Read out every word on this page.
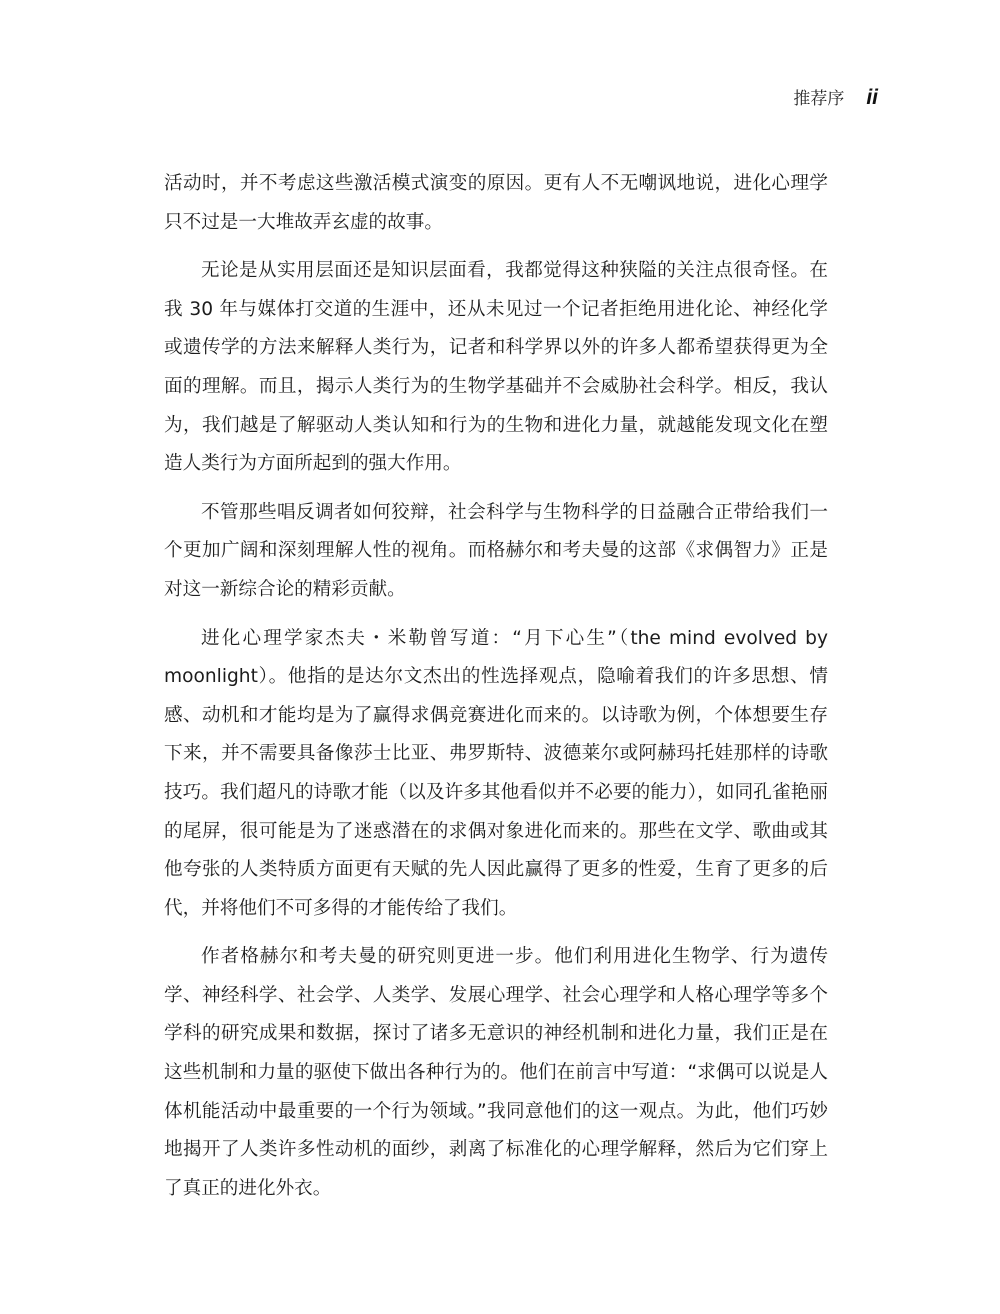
推荐序 ii

活动时，并不考虑这些激活模式演变的原因。更有人不无嘲讽地说，进化心理学只不过是一大堆故弄玄虚的故事。

无论是从实用层面还是知识层面看，我都觉得这种狭隘的关注点很奇怪。在我 30 年与媒体打交道的生涯中，还从未见过一个记者拒绝用进化论、神经化学或遗传学的方法来解释人类行为，记者和科学界以外的许多人都希望获得更为全面的理解。而且，揭示人类行为的生物学基础并不会威胁社会科学。相反，我认为，我们越是了解驱动人类认知和行为的生物和进化力量，就越能发现文化在塑造人类行为方面所起到的强大作用。

不管那些唱反调者如何狡辩，社会科学与生物科学的日益融合正带给我们一个更加广阔和深刻理解人性的视角。而格赫尔和考夫曼的这部《求偶智力》正是对这一新综合论的精彩贡献。

进化心理学家杰夫・米勒曾写道：“月下心生”（the mind evolved by moonlight）。他指的是达尔文杰出的性选择观点，隐喻着我们的许多思想、情感、动机和才能均是为了赢得求偶竞赛进化而来的。以诗歌为例，个体想要生存下来，并不需要具备像莎士比亚、弗罗斯特、波德莱尔或阿赫玛托娃那样的诗歌技巧。我们超凡的诗歌才能（以及许多其他看似并不必要的能力），如同孔雀艳丽的尾屏，很可能是为了迷惑潜在的求偶对象进化而来的。那些在文学、歌曲或其他夸张的人类特质方面更有天赋的先人因此赢得了更多的性爱，生育了更多的后代，并将他们不可多得的才能传给了我们。

作者格赫尔和考夫曼的研究则更进一步。他们利用进化生物学、行为遗传学、神经科学、社会学、人类学、发展心理学、社会心理学和人格心理学等多个学科的研究成果和数据，探讨了诸多无意识的神经机制和进化力量，我们正是在这些机制和力量的驱使下做出各种行为的。他们在前言中写道：“求偶可以说是人体机能活动中最重要的一个行为领域。”我同意他们的这一观点。为此，他们巧妙地揭开了人类许多性动机的面纱，剥离了标准化的心理学解释，然后为它们穿上了真正的进化外衣。
